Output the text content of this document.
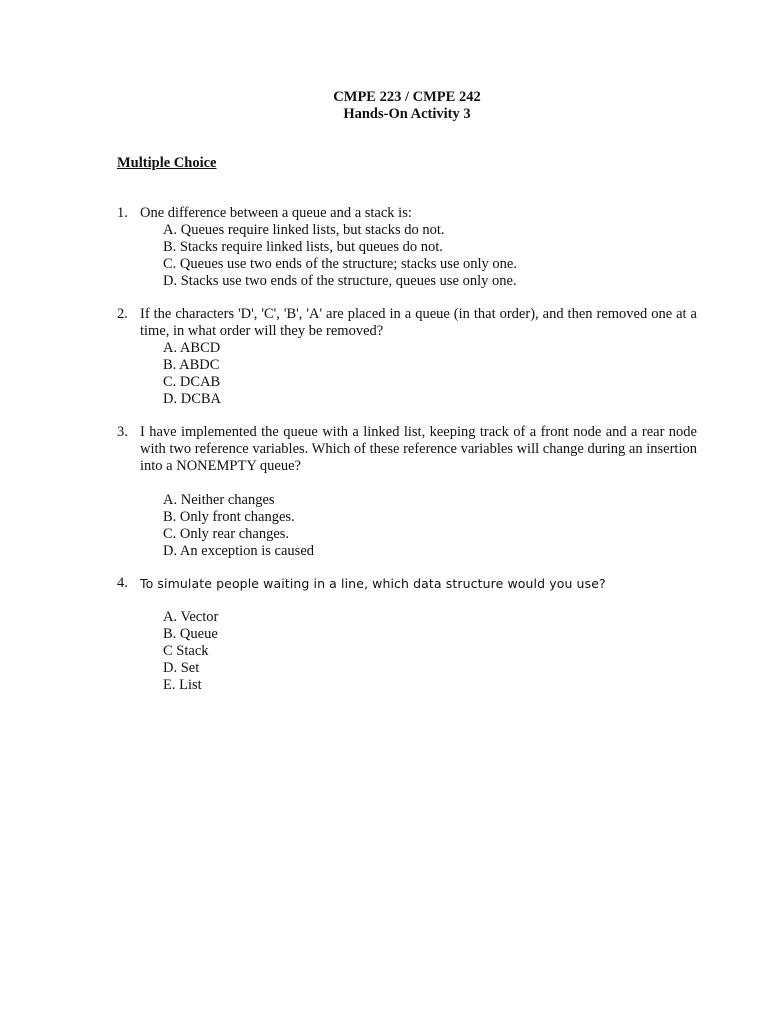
CMPE 223 / CMPE 242
Hands-On Activity 3
Multiple Choice
1. One difference between a queue and a stack is:
A. Queues require linked lists, but stacks do not.
B. Stacks require linked lists, but queues do not.
C. Queues use two ends of the structure; stacks use only one.
D. Stacks use two ends of the structure, queues use only one.
2. If the characters 'D', 'C', 'B', 'A' are placed in a queue (in that order), and then removed one at a time, in what order will they be removed?
A. ABCD
B. ABDC
C. DCAB
D. DCBA
3. I have implemented the queue with a linked list, keeping track of a front node and a rear node with two reference variables. Which of these reference variables will change during an insertion into a NONEMPTY queue?
A. Neither changes
B. Only front changes.
C. Only rear changes.
D. An exception is caused
4. To simulate people waiting in a line, which data structure would you use?
A. Vector
B. Queue
C Stack
D. Set
E. List
